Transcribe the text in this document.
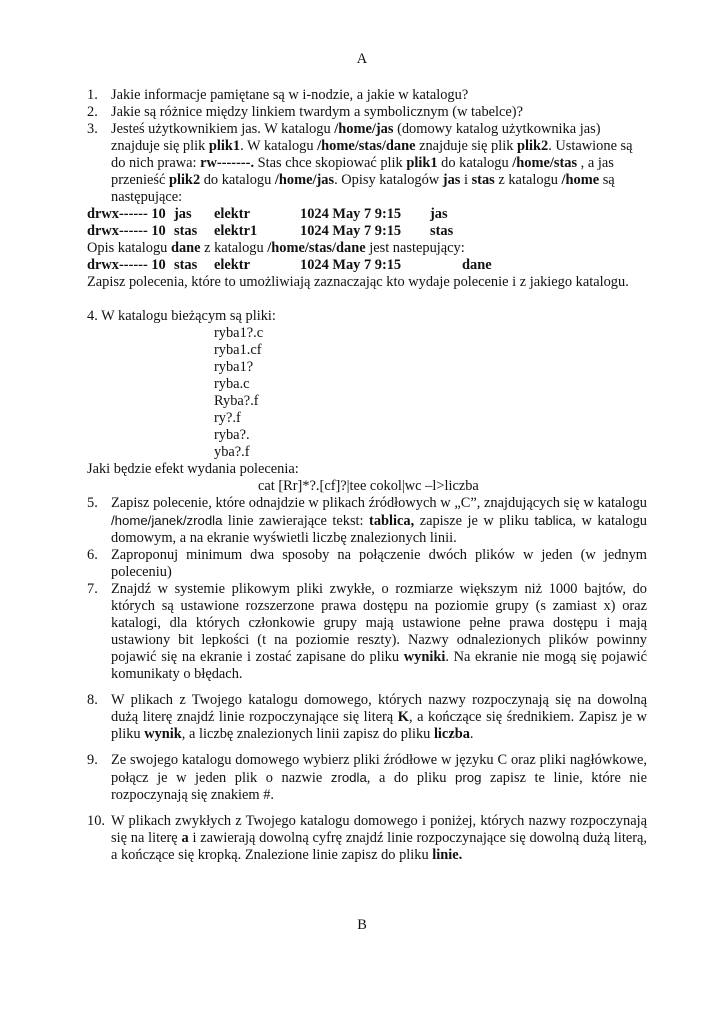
A
1. Jakie informacje pamiętane są w i-nodzie, a jakie w katalogu?
2. Jakie są różnice między linkiem twardym a symbolicznym (w tabelce)?
3. Jesteś użytkownikiem jas. W katalogu /home/jas (domowy katalog użytkownika jas) znajduje się plik plik1. W katalogu /home/stas/dane znajduje się plik plik2. Ustawione są do nich prawa: rw-------. Stas chce skopiować plik plik1 do katalogu /home/stas , a jas przenieść plik2 do katalogu /home/jas. Opisy katalogów jas i stas z katalogu /home są następujące:
drwx------ 10 jas elektr	1024 May 7 9:15 jas
drwx------ 10 stas elektr1	1024 May 7 9:15 stas
Opis katalogu dane z katalogu /home/stas/dane jest nastepujący:
drwx------ 10 stas elektr	1024 May 7 9:15	dane
Zapisz polecenia, które to umożliwiają zaznaczając kto wydaje polecenie i z jakiego katalogu.
4. W katalogu bieżącym są pliki:
ryba1?.c
ryba1.cf
ryba1?
ryba.c
Ryba?.f
ry?.f
ryba?.
yba?.f
Jaki będzie efekt wydania polecenia:
cat [Rr]*?.[cf]?|tee cokol|wc –l>liczba
5. Zapisz polecenie, które odnajdzie w plikach źródłowych w „C”, znajdujących się w katalogu /home/janek/zrodla linie zawierające tekst: tablica, zapisze je w pliku tablica, w katalogu domowym, a na ekranie wyświetli liczbę znalezionych linii.
6. Zaproponuj minimum dwa sposoby na połączenie dwóch plików w jeden (w jednym poleceniu)
7. Znajdź w systemie plikowym pliki zwykłe, o rozmiarze większym niż 1000 bajtów, do których są ustawione rozszerzone prawa dostępu na poziomie grupy (s zamiast x) oraz katalogi, dla których członkowie grupy mają ustawione pełne prawa dostępu i mają ustawiony bit lepkości (t na poziomie reszty). Nazwy odnalezionych plików powinny pojawić się na ekranie i zostać zapisane do pliku wyniki. Na ekranie nie mogą się pojawić komunikaty o błędach.
8. W plikach z Twojego katalogu domowego, których nazwy rozpoczynają się na dowolną dużą literę znajdź linie rozpoczynające się literą K, a kończące się średnikiem. Zapisz je w pliku wynik, a liczbę znalezionych linii zapisz do pliku liczba.
9. Ze swojego katalogu domowego wybierz pliki źródłowe w języku C oraz pliki nagłówkowe, połącz je w jeden plik o nazwie zrodla, a do pliku prog zapisz te linie, które nie rozpoczynają się znakiem #.
10. W plikach zwykłych z Twojego katalogu domowego i poniżej, których nazwy rozpoczynają się na literę a i zawierają dowolną cyfrę znajdź linie rozpoczynające się dowolną dużą literą, a kończące się kropką. Znalezione linie zapisz do pliku linie.
B
